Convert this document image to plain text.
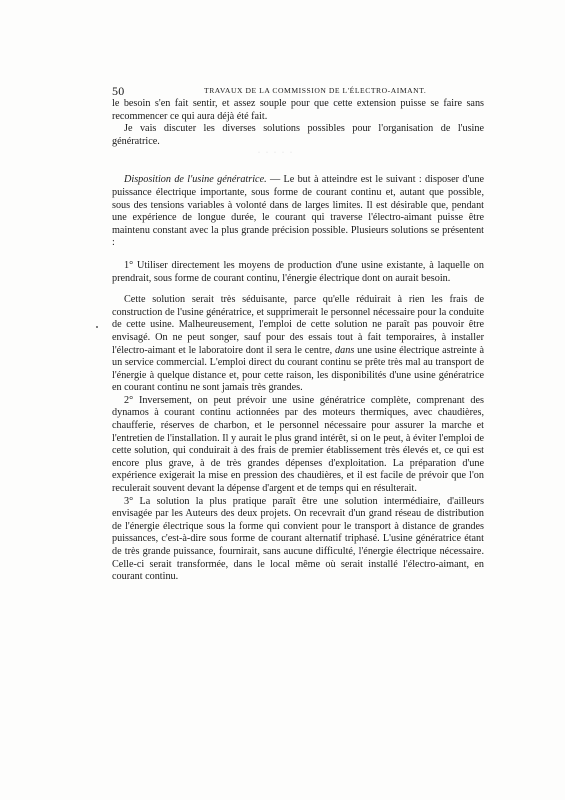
50	TRAVAUX DE LA COMMISSION DE L'ÉLECTRO-AIMANT.
·····

le besoin s'en fait sentir, et assez souple pour que cette extension puisse se faire sans recommencer ce qui aura déjà été fait.

Je vais discuter les diverses solutions possibles pour l'organisation de l'usine génératrice.

Disposition de l'usine génératrice. — Le but à atteindre est le suivant : disposer d'une puissance électrique importante, sous forme de courant continu et, autant que possible, sous des tensions variables à volonté dans de larges limites. Il est désirable que, pendant une expérience de longue durée, le courant qui traverse l'électro-aimant puisse être maintenu constant avec la plus grande précision possible. Plusieurs solutions se présentent :

1° Utiliser directement les moyens de production d'une usine existante, à laquelle on prendrait, sous forme de courant continu, l'énergie électrique dont on aurait besoin.

Cette solution serait très séduisante, parce qu'elle réduirait à rien les frais de construction de l'usine génératrice, et supprimerait le personnel nécessaire pour la conduite de cette usine. Malheureusement, l'emploi de cette solution ne paraît pas pouvoir être envisagé. On ne peut songer, sauf pour des essais tout à fait temporaires, à installer l'électro-aimant et le laboratoire dont il sera le centre, dans une usine électrique astreinte à un service commercial. L'emploi direct du courant continu se prête très mal au transport de l'énergie à quelque distance et, pour cette raison, les disponibilités d'une usine génératrice en courant continu ne sont jamais très grandes.

2° Inversement, on peut prévoir une usine génératrice complète, comprenant des dynamos à courant continu actionnées par des moteurs thermiques, avec chaudières, chaufferie, réserves de charbon, et le personnel nécessaire pour assurer la marche et l'entretien de l'installation. Il y aurait le plus grand intérêt, si on le peut, à éviter l'emploi de cette solution, qui conduirait à des frais de premier établissement très élevés et, ce qui est encore plus grave, à de très grandes dépenses d'exploitation. La préparation d'une expérience exigerait la mise en pression des chaudières, et il est facile de prévoir que l'on reculerait souvent devant la dépense d'argent et de temps qui en résulterait.

3° La solution la plus pratique paraît être une solution intermédiaire, d'ailleurs envisagée par les Auteurs des deux projets. On recevrait d'un grand réseau de distribution de l'énergie électrique sous la forme qui convient pour le transport à distance de grandes puissances, c'est-à-dire sous forme de courant alternatif triphasé. L'usine génératrice étant de très grande puissance, fournirait, sans aucune difficulté, l'énergie électrique nécessaire. Celle-ci serait transformée, dans le local même où serait installé l'électro-aimant, en courant continu.
